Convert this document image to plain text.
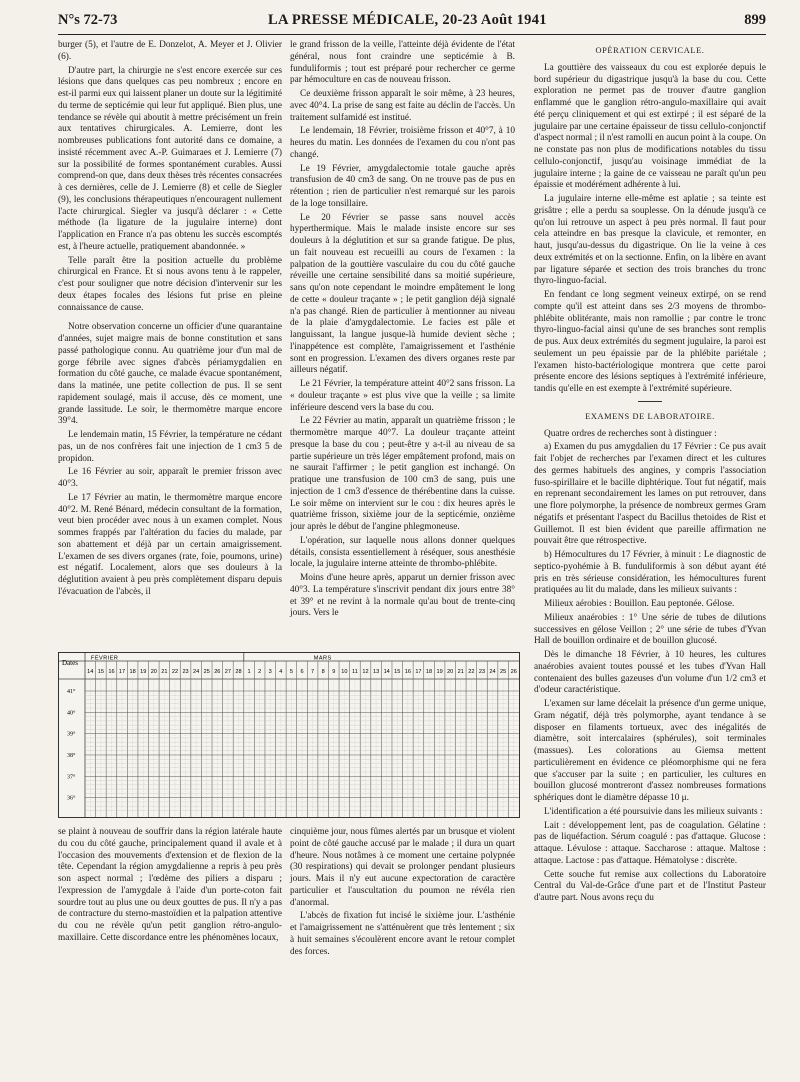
N°s 72-73	LA PRESSE MÉDICALE, 20-23 Août 1941	899

burger (5), et l'autre de E. Donzelot, A. Meyer et J. Olivier (6).

D'autre part, la chirurgie ne s'est encore exercée sur ces lésions que dans quelques cas peu nombreux ; encore en est-il parmi eux qui laissent planer un doute sur la légitimité du terme de septicémie qui leur fut appliqué. Bien plus, une tendance se révèle qui aboutit à mettre précisément un frein aux tentatives chirurgicales. A. Lemierre, dont les nombreuses publications font autorité dans ce domaine, a insisté récemment avec A.-P. Guimaraes et J. Lemierre (7) sur la possibilité de formes spontanément curables. Aussi comprend-on que, dans deux thèses très récentes consacrées à ces dernières, celle de J. Lemierre (8) et celle de Siegler (9), les conclusions thérapeutiques n'encouragent nullement l'acte chirurgical. Siegler va jusqu'à déclarer : « Cette méthode (la ligature de la jugulaire interne) dont l'application en France n'a pas obtenu les succès escomptés est, à l'heure actuelle, pratiquement abandonnée. »

Telle paraît être la position actuelle du problème chirurgical en France. Et si nous avons tenu à le rappeler, c'est pour souligner que notre décision d'intervenir sur les deux étapes focales des lésions fut prise en pleine connaissance de cause.

Notre observation concerne un officier d'une quarantaine d'années, sujet maigre mais de bonne constitution et sans passé pathologique connu. Au quatrième jour d'un mal de gorge fébrile avec signes d'abcès périamygdalien en formation du côté gauche, ce malade évacue spontanément, dans la matinée, une petite collection de pus. Il se sent rapidement soulagé, mais il accuse, dès ce moment, une grande lassitude. Le soir, le thermomètre marque encore 39°4.

Le lendemain matin, 15 Février, la température ne cédant pas, un de nos confrères fait une injection de 1 cm3 5 de propidon.

Le 16 Février au soir, apparaît le premier frisson avec 40°3.

Le 17 Février au matin, le thermomètre marque encore 40°2. M. René Bénard, médecin consultant de la formation, veut bien procéder avec nous à un examen complet. Nous sommes frappés par l'altération du facies du malade, par son abattement et déjà par un certain amaigrissement. L'examen de ses divers organes (rate, foie, poumons, urine) est négatif. Localement, alors que ses douleurs à la déglutition avaient à peu près complètement disparu depuis l'évacuation de l'abcès, il

le grand frisson de la veille, l'atteinte déjà évidente de l'état général, nous font craindre une septicémie à B. funduliformis ; tout est préparé pour rechercher ce germe par hémoculture en cas de nouveau frisson.

Ce deuxième frisson apparaît le soir même, à 23 heures, avec 40°4. La prise de sang est faite au déclin de l'accès. Un traitement sulfamidé est institué.

Le lendemain, 18 Février, troisième frisson et 40°7, à 10 heures du matin. Les données de l'examen du cou n'ont pas changé.

Le 19 Février, amygdalectomie totale gauche après transfusion de 40 cm3 de sang. On ne trouve pas de pus en rétention ; rien de particulier n'est remarqué sur les parois de la loge tonsillaire.

Le 20 Février se passe sans nouvel accès hyperthermique. Mais le malade insiste encore sur ses douleurs à la déglutition et sur sa grande fatigue. De plus, un fait nouveau est recueilli au cours de l'examen : la palpation de la gouttière vasculaire du cou du côté gauche réveille une certaine sensibilité dans sa moitié supérieure, sans qu'on note cependant le moindre empâtement le long de cette « douleur traçante » ; le petit ganglion déjà signalé n'a pas changé. Rien de particulier à mentionner au niveau de la plaie d'amygdalectomie. Le facies est pâle et languissant, la langue jusque-là humide devient sèche ; l'inappétence est complète, l'amaigrissement et l'asthénie sont en progression. L'examen des divers organes reste par ailleurs négatif.

Le 21 Février, la température atteint 40°2 sans frisson. La « douleur traçante » est plus vive que la veille ; sa limite inférieure descend vers la base du cou.

Le 22 Février au matin, apparaît un quatrième frisson ; le thermomètre marque 40°7. La douleur traçante atteint presque la base du cou ; peut-être y a-t-il au niveau de sa partie supérieure un très léger empâtement profond, mais on ne saurait l'affirmer ; le petit ganglion est inchangé. On pratique une transfusion de 100 cm3 de sang, puis une injection de 1 cm3 d'essence de thérébentine dans la cuisse. Le soir même on intervient sur le cou : dix heures après le quatrième frisson, sixième jour de la septicémie, onzième jour après le début de l'angine phlegmoneuse.

L'opération, sur laquelle nous allons donner quelques détails, consista essentiellement à réséquer, sous anesthésie locale, la jugulaire interne atteinte de thrombo-phlébite.

Moins d'une heure après, apparut un dernier frisson avec 40°3. La température s'inscrivit pendant dix jours entre 38° et 39° et ne revint à la normale qu'au bout de trente-cinq jours. Vers le

OPÉRATION CERVICALE.

La gouttière des vaisseaux du cou est explorée depuis le bord supérieur du digastrique jusqu'à la base du cou. Cette exploration ne permet pas de trouver d'autre ganglion enflammé que le ganglion rétro-angulo-maxillaire qui avait été perçu cliniquement et qui est extirpé ; il est séparé de la jugulaire par une certaine épaisseur de tissu cellulo-conjonctif d'aspect normal ; il n'est ramolli en aucun point à la coupe. On ne constate pas non plus de modifications notables du tissu cellulo-conjonctif, jusqu'au voisinage immédiat de la jugulaire interne ; la gaine de ce vaisseau ne paraît qu'un peu épaissie et modérément adhérente à lui.

La jugulaire interne elle-même est aplatie ; sa teinte est grisâtre ; elle a perdu sa souplesse. On la dénude jusqu'à ce qu'on lui retrouve un aspect à peu près normal. Il faut pour cela atteindre en bas presque la clavicule, et remonter, en haut, jusqu'au-dessus du digastrique. On lie la veine à ces deux extrémités et on la sectionne. Enfin, on la libère en avant par ligature séparée et section des trois branches du tronc thyro-linguo-facial.

En fendant ce long segment veineux extirpé, on se rend compte qu'il est atteint dans ses 2/3 moyens de thrombo-phlébite oblitérante, mais non ramollie ; par contre le tronc thyro-linguo-facial ainsi qu'une de ses branches sont remplis de pus. Aux deux extrémités du segment jugulaire, la paroi est seulement un peu épaissie par de la phlébite pariétale ; l'examen histo-bactériologique montrera que cette paroi présente encore des lésions septiques à l'extrémité inférieure, tandis qu'elle en est exempte à l'extrémité supérieure.

EXAMENS DE LABORATOIRE.

Quatre ordres de recherches sont à distinguer :

a) Examen du pus amygdalien du 17 Février : Ce pus avait fait l'objet de recherches par l'examen direct et les cultures des germes habituels des angines, y compris l'association fuso-spirillaire et le bacille diphtérique. Tout fut négatif, mais en reprenant secondairement les lames on put retrouver, dans une flore polymorphe, la présence de nombreux germes Gram négatifs et présentant l'aspect du Bacillus thetoides de Rist et Guillemot. Il est bien évident que pareille affirmation ne pouvait être que rétrospective.

b) Hémocultures du 17 Février, à minuit : Le diagnostic de septico-pyohémie à B. funduliformis à son début ayant été pris en très sérieuse considération, les hémocultures furent pratiquées au lit du malade, dans les milieux suivants :

Milieux aérobies : Bouillon. Eau peptonée. Gélose.

Milieux anaérobies : 1° Une série de tubes de dilutions successives en gélose Veillon ; 2° une série de tubes d'Yvan Hall de bouillon ordinaire et de bouillon glucosé.

Dès le dimanche 18 Février, à 10 heures, les cultures anaérobies avaient toutes poussé et les tubes d'Yvan Hall contenaient des bulles gazeuses d'un volume d'un 1/2 cm3 et d'odeur caractéristique.

L'examen sur lame décelait la présence d'un germe unique, Gram négatif, déjà très polymorphe, ayant tendance à se disposer en filaments tortueux, avec des inégalités de diamètre, soit intercalaires (sphérules), soit terminales (massues). Les colorations au Giemsa mettent particulièrement en évidence ce pléomorphisme qui ne fera que s'accuser par la suite ; en particulier, les cultures en bouillon glucosé montreront d'assez nombreuses formations sphériques dont le diamètre dépasse 10 μ.

L'identification a été poursuivie dans les milieux suivants :

Lait : développement lent, pas de coagulation. Gélatine : pas de liquéfaction. Sérum coagulé : pas d'attaque. Glucose : attaque. Lévulose : attaque. Saccharose : attaque. Maltose : attaque. Lactose : pas d'attaque. Hématolyse : discrète.

Cette souche fut remise aux collections du Laboratoire Central du Val-de-Grâce d'une part et de l'Institut Pasteur d'autre part. Nous avons reçu du

Dates
FÉVRIER	MARS
14 15 16 17 18 19 20 21 22 23 24 25 26 27 28 1 2 3 4 5 6 7 8 9 10 11 12 13 14 15 16 17 18 19 20 21 22 23 24 25 26
41°
40°
39°
38°
37°
36°

se plaint à nouveau de souffrir dans la région latérale haute du cou du côté gauche, principalement quand il avale et à l'occasion des mouvements d'extension et de flexion de la tête. Cependant la région amygdalienne a repris à peu près son aspect normal ; l'œdème des piliers a disparu ; l'expression de l'amygdale à l'aide d'un porte-coton fait sourdre tout au plus une ou deux gouttes de pus. Il n'y a pas de contracture du sterno-mastoïdien et la palpation attentive du cou ne révèle qu'un petit ganglion rétro-angulo-maxillaire. Cette discordance entre les phénomènes locaux,

cinquième jour, nous fûmes alertés par un brusque et violent point de côté gauche accusé par le malade ; il dura un quart d'heure. Nous notâmes à ce moment une certaine polypnée (30 respirations) qui devait se prolonger pendant plusieurs jours. Mais il n'y eut aucune expectoration de caractère particulier et l'auscultation du poumon ne révéla rien d'anormal.

L'abcès de fixation fut incisé le sixième jour. L'asthénie et l'amaigrissement ne s'atténuèrent que très lentement ; six à huit semaines s'écoulèrent encore avant le retour complet des forces.
